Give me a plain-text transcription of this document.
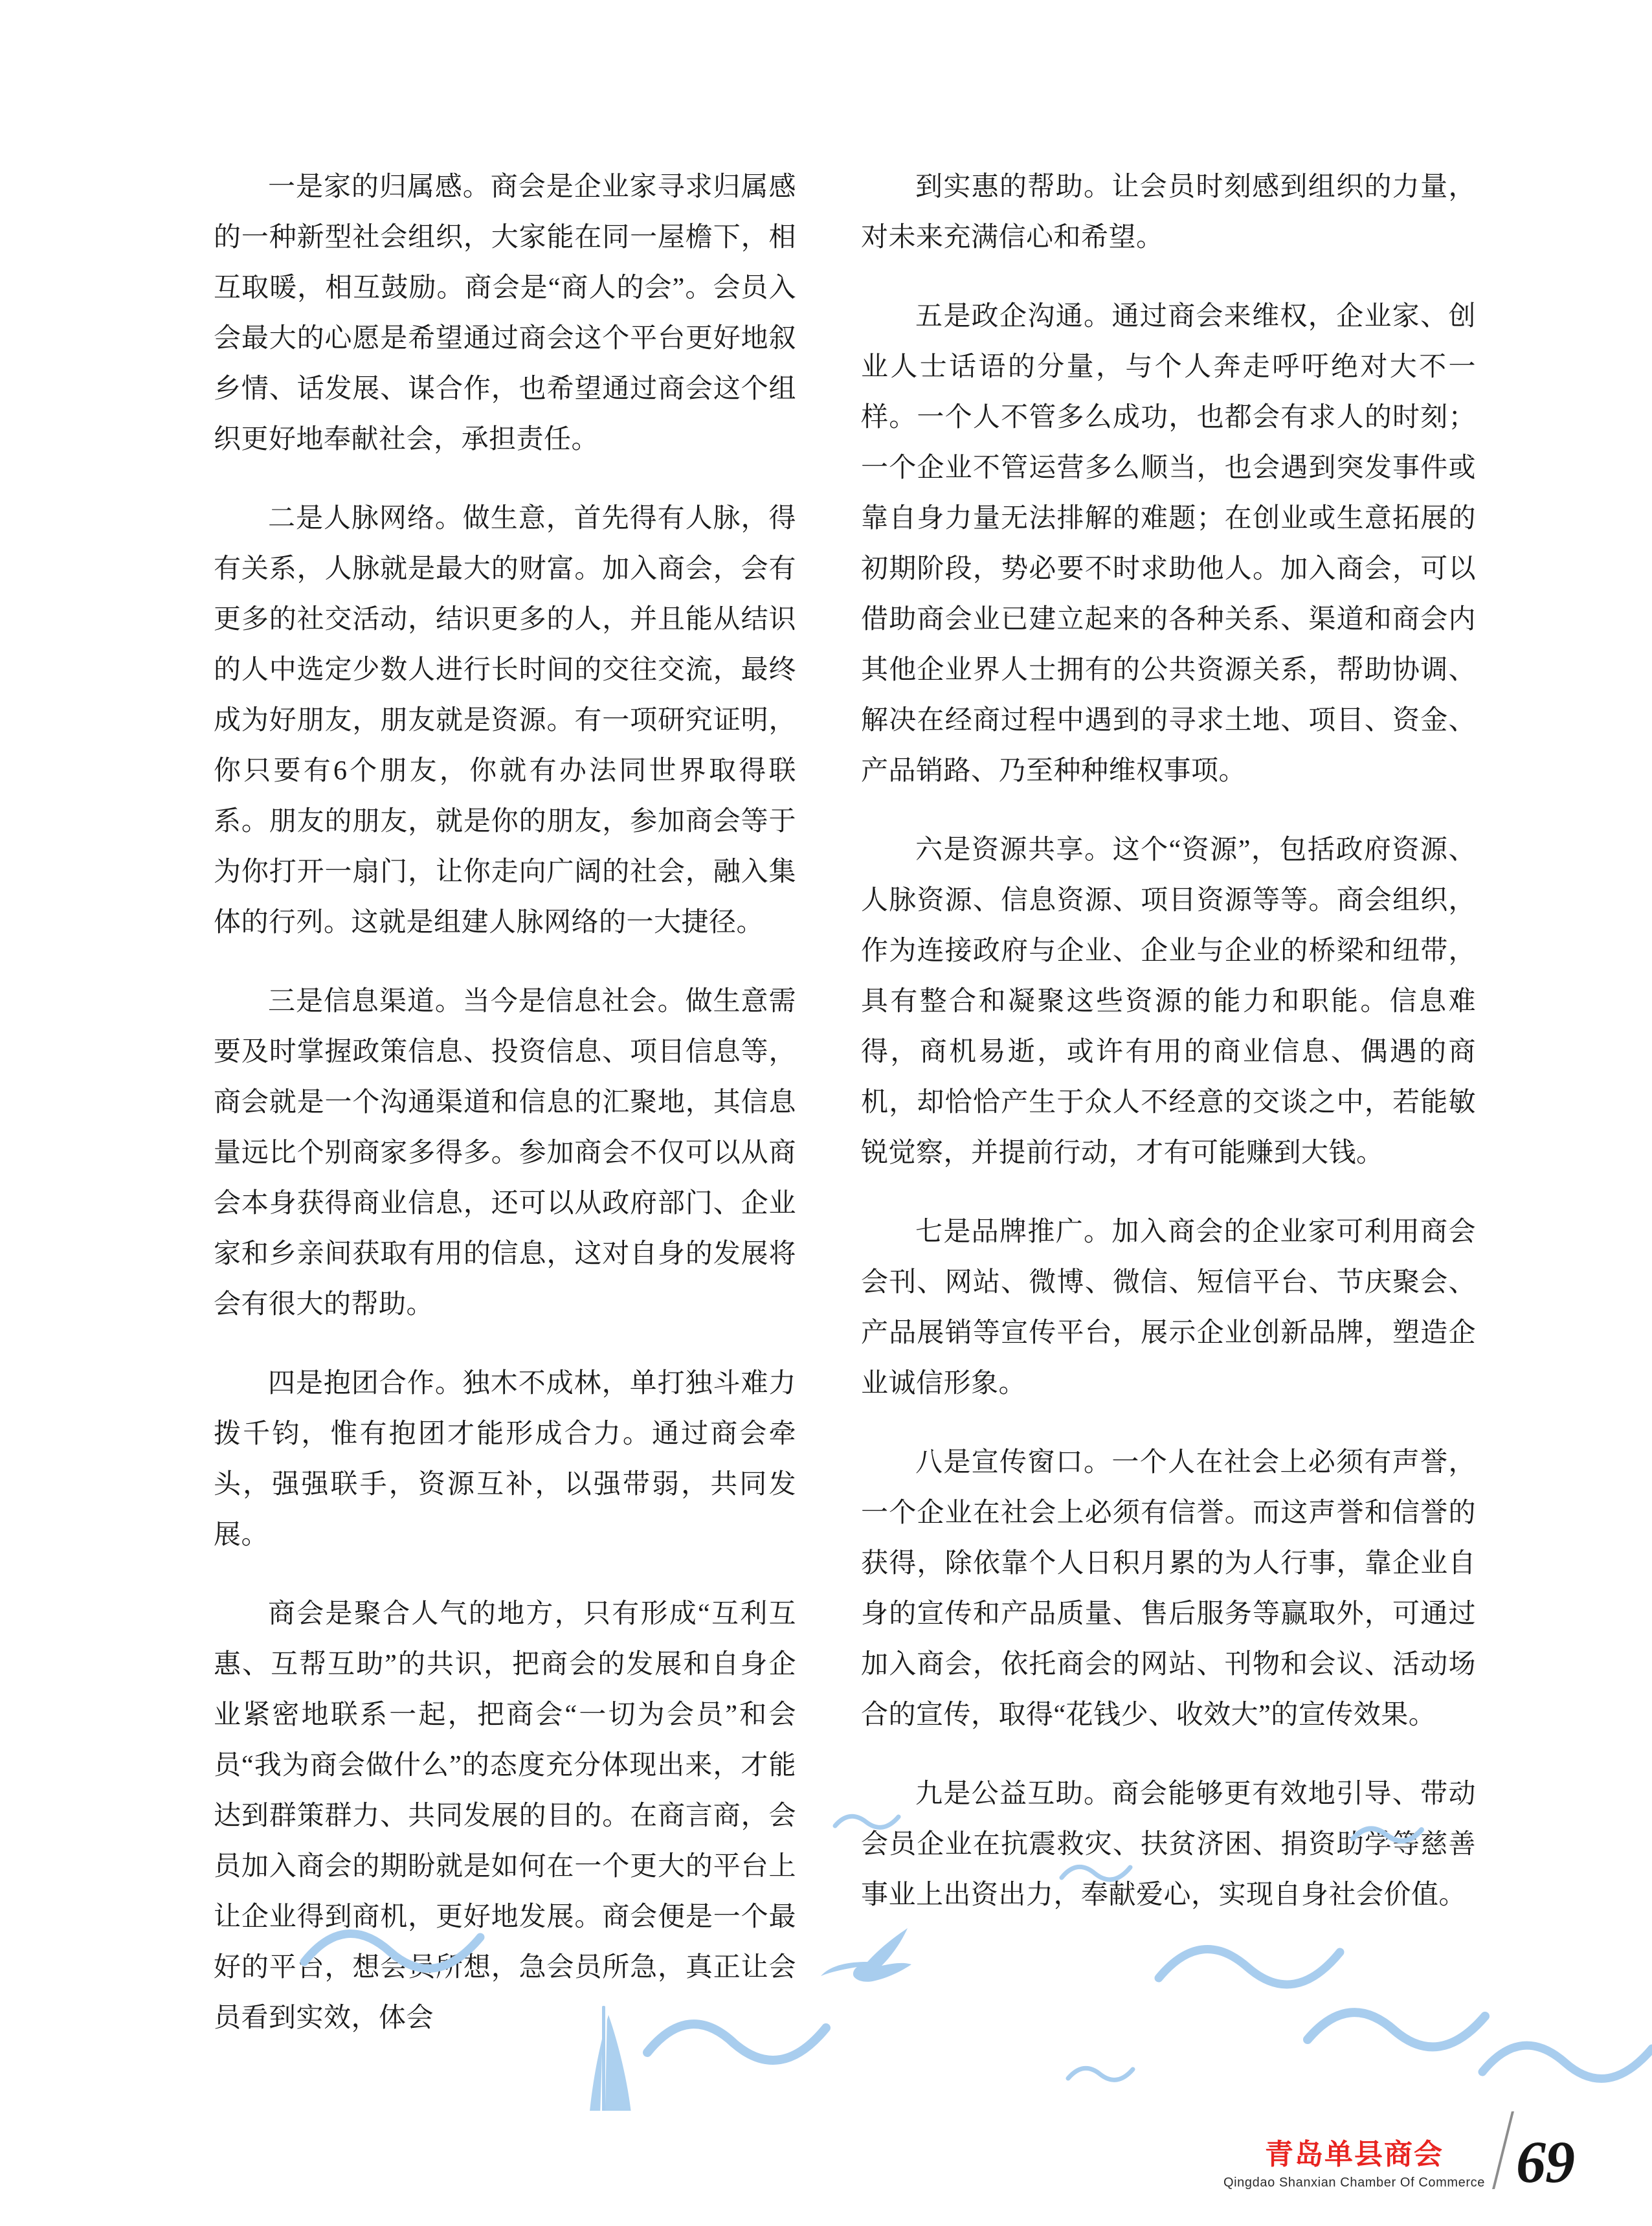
一是家的归属感。商会是企业家寻求归属感的一种新型社会组织，大家能在同一屋檐下，相互取暖，相互鼓励。商会是“商人的会”。会员入会最大的心愿是希望通过商会这个平台更好地叙乡情、话发展、谋合作，也希望通过商会这个组织更好地奉献社会，承担责任。

二是人脉网络。做生意，首先得有人脉，得有关系，人脉就是最大的财富。加入商会，会有更多的社交活动，结识更多的人，并且能从结识的人中选定少数人进行长时间的交往交流，最终成为好朋友，朋友就是资源。有一项研究证明，你只要有6个朋友，你就有办法同世界取得联系。朋友的朋友，就是你的朋友，参加商会等于为你打开一扇门，让你走向广阔的社会，融入集体的行列。这就是组建人脉网络的一大捷径。

三是信息渠道。当今是信息社会。做生意需要及时掌握政策信息、投资信息、项目信息等，商会就是一个沟通渠道和信息的汇聚地，其信息量远比个别商家多得多。参加商会不仅可以从商会本身获得商业信息，还可以从政府部门、企业家和乡亲间获取有用的信息，这对自身的发展将会有很大的帮助。

四是抱团合作。独木不成林，单打独斗难力拨千钧，惟有抱团才能形成合力。通过商会牵头，强强联手，资源互补，以强带弱，共同发展。

商会是聚合人气的地方，只有形成“互利互惠、互帮互助”的共识，把商会的发展和自身企业紧密地联系一起，把商会“一切为会员”和会员“我为商会做什么”的态度充分体现出来，才能达到群策群力、共同发展的目的。在商言商，会员加入商会的期盼就是如何在一个更大的平台上让企业得到商机，更好地发展。商会便是一个最好的平台，想会员所想，急会员所急，真正让会员看到实效，体会

到实惠的帮助。让会员时刻感到组织的力量，对未来充满信心和希望。

五是政企沟通。通过商会来维权，企业家、创业人士话语的分量，与个人奔走呼吁绝对大不一样。一个人不管多么成功，也都会有求人的时刻；一个企业不管运营多么顺当，也会遇到突发事件或靠自身力量无法排解的难题；在创业或生意拓展的初期阶段，势必要不时求助他人。加入商会，可以借助商会业已建立起来的各种关系、渠道和商会内其他企业界人士拥有的公共资源关系，帮助协调、解决在经商过程中遇到的寻求土地、项目、资金、产品销路、乃至种种维权事项。

六是资源共享。这个“资源”，包括政府资源、人脉资源、信息资源、项目资源等等。商会组织，作为连接政府与企业、企业与企业的桥梁和纽带，具有整合和凝聚这些资源的能力和职能。信息难得，商机易逝，或许有用的商业信息、偶遇的商机，却恰恰产生于众人不经意的交谈之中，若能敏锐觉察，并提前行动，才有可能赚到大钱。

七是品牌推广。加入商会的企业家可利用商会会刊、网站、微博、微信、短信平台、节庆聚会、产品展销等宣传平台，展示企业创新品牌，塑造企业诚信形象。

八是宣传窗口。一个人在社会上必须有声誉，一个企业在社会上必须有信誉。而这声誉和信誉的获得，除依靠个人日积月累的为人行事，靠企业自身的宣传和产品质量、售后服务等赢取外，可通过加入商会，依托商会的网站、刊物和会议、活动场合的宣传，取得“花钱少、收效大”的宣传效果。

九是公益互助。商会能够更有效地引导、带动会员企业在抗震救灾、扶贫济困、捐资助学等慈善事业上出资出力，奉献爱心，实现自身社会价值。

青岛单县商会
Qingdao Shanxian Chamber Of Commerce 69
